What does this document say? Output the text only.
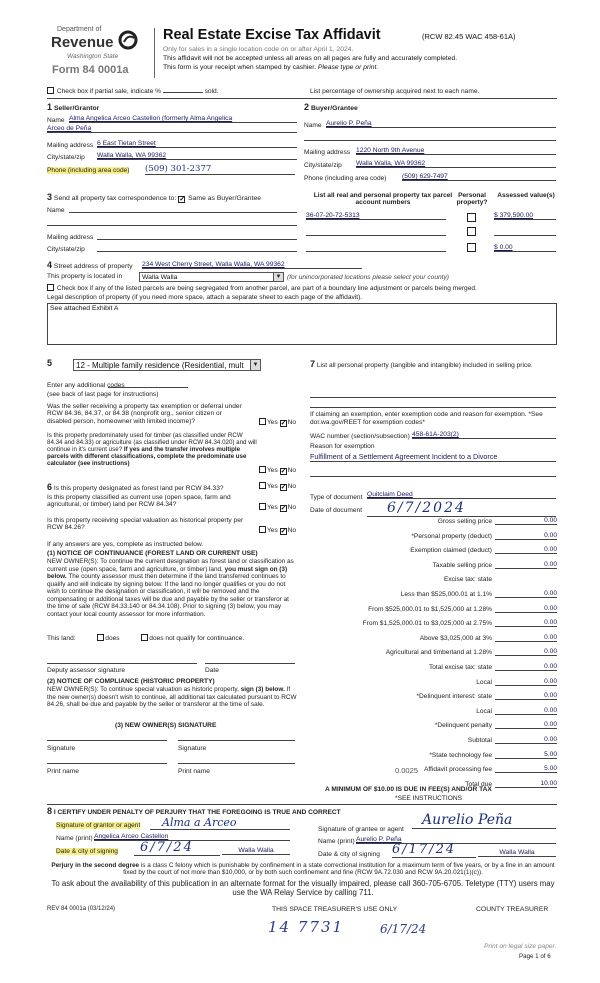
Department of
Revenue
Washington State
Form 84 0001a
Real Estate Excise Tax Affidavit	(RCW 82.45 WAC 458-61A)
Only for sales in a single location code on or after April 1, 2024.
This affidavit will not be accepted unless all areas on all pages are fully and accurately completed.
This form is your receipt when stamped by cashier. Please type or print.
Check box if partial sale, indicate %	sold.	List percentage of ownership acquired next to each name.
1 Seller/Grantor
Name Alma Angelica Arceo Castellon (formerly Alma Angelica
Arceo de Peña
Mailing address 6 East Tietan Street
City/state/zip Walla Walla, WA 99362
Phone (including area code) (509) 301-2377
2 Buyer/Grantee
Name Aurelio P. Peña
Mailing address 1220 North 9th Avenue
City/state/zip Walla Walla, WA 99362
Phone (including area code) (509) 629-7497
3 Send all property tax correspondence to: ✓ Same as Buyer/Grantee
Name
Mailing address
City/state/zip
List all real and personal property tax parcel account numbers
Personal property?
Assessed value(s)
36-07-20-72-5313	$ 379,590.00
$ 0.00
4 Street address of property 234 West Cherry Street, Walla Walla, WA 99362
This property is located in	Walla Walla	▼ (for unincorporated locations please select your county)
Check box if any of the listed parcels are being segregated from another parcel, are part of a boundary line adjustment or parcels being merged.
Legal description of property (if you need more space, attach a separate sheet to each page of the affidavit).
See attached Exhibit A
5	12 - Multiple family residence (Residential, mult	▼
Enter any additional codes
(see back of last page for instructions)
Was the seller receiving a property tax exemption or deferral under RCW 84.36, 84.37, or 84.38 (nonprofit org., senior citizen or disabled person, homeowner with limited income)?	Yes ✓ No
Is this property predominately used for timber (as classified under RCW 84.34 and 84.33) or agriculture (as classified under RCW 84.34.020) and will continue in it's current use? If yes and the transfer involves multiple parcels with different classifications, complete the predominate use calculator (see instructions)
Yes ✓ No
6 Is this property designated as forest land per RCW 84.33?	Yes ✓ No
Is this property classified as current use (open space, farm and agricultural, or timber) land per RCW 84.34?	Yes ✓ No
Is this property receiving special valuation as historical property per RCW 84.26?	Yes ✓ No
If any answers are yes, complete as instructed below.
(1) NOTICE OF CONTINUANCE (FOREST LAND OR CURRENT USE)
NEW OWNER(S): To continue the current designation as forest land or classification as current use (open space, farm and agriculture, or timber) land, you must sign on (3) below. The county assessor must then determine if the land transferred continues to qualify and will indicate by signing below. If the land no longer qualifies or you do not wish to continue the designation or classification, it will be removed and the compensating or additional taxes will be due and payable by the seller or transferor at the time of sale (RCW 84.33.140 or 84.34.108). Prior to signing (3) below, you may contact your local county assessor for more information.
This land:	does	does not qualify for continuance.
Deputy assessor signature	Date
(2) NOTICE OF COMPLIANCE (HISTORIC PROPERTY)
NEW OWNER(S): To continue special valuation as historic property, sign (3) below. If the new owner(s) doesn't wish to continue, all additional tax calculated pursuant to RCW 84.26, shall be due and payable by the seller or transferor at the time of sale.
(3) NEW OWNER(S) SIGNATURE
Signature	Signature
Print name	Print name
7 List all personal property (tangible and intangible) included in selling price.
If claiming an exemption, enter exemption code and reason for exemption. *See dor.wa.gov/REET for exemption codes*
WAC number (section/subsection) 458-61A-203(2)
Reason for exemption
Fulfillment of a Settlement Agreement Incident to a Divorce
Type of document Quitclaim Deed
Date of document	6/7/2024
Gross selling price	0.00
*Personal property (deduct)	0.00
Exemption claimed (deduct)	0.00
Taxable selling price	0.00
Excise tax: state
Less than $525,000.01 at 1.1%	0.00
From $525,000.01 to $1,525,000 at 1.28%	0.00
From $1,525,000.01 to $3,025,000 at 2.75%	0.00
Above $3,025,000 at 3%	0.00
Agricultural and timberland at 1.28%	0.00
Total excise tax: state	0.00
Local	0.00
*Delinquent interest: state	0.00
Local	0.00
*Delinquent penalty	0.00
Subtotal	0.00
*State technology fee	5.00
Affidavit processing fee	5.00
Total due	10.00
0.0025
A MINIMUM OF $10.00 IS DUE IN FEE(S) AND/OR TAX
*SEE INSTRUCTIONS
8 I CERTIFY UNDER PENALTY OF PERJURY THAT THE FOREGOING IS TRUE AND CORRECT
Signature of grantor or agent	Alma a Arceo
Name (print) Angelica Arceo Castellon
Date & city of signing	6/7/24	Walla Walla
Signature of grantee or agent
Aurelio Peña
Name (print) Aurelio P. Peña
Date & city of signing 6/17/24	Walla Walla
Perjury in the second degree is a class C felony which is punishable by confinement in a state correctional institution for a maximum term of five years, or by a fine in an amount fixed by the court of not more than $10,000, or by both such confinement and fine (RCW 9A.72.030 and RCW 9A.20.021(1)(c)).
To ask about the availability of this publication in an alternate format for the visually impaired, please call 360-705-6705. Teletype (TTY) users may use the WA Relay Service by calling 711.
REV 84 0001a (03/12/24)	THIS SPACE TREASURER'S USE ONLY	COUNTY TREASURER
14 7731	6/17/24
Print on legal size paper.
Page 1 of 6
